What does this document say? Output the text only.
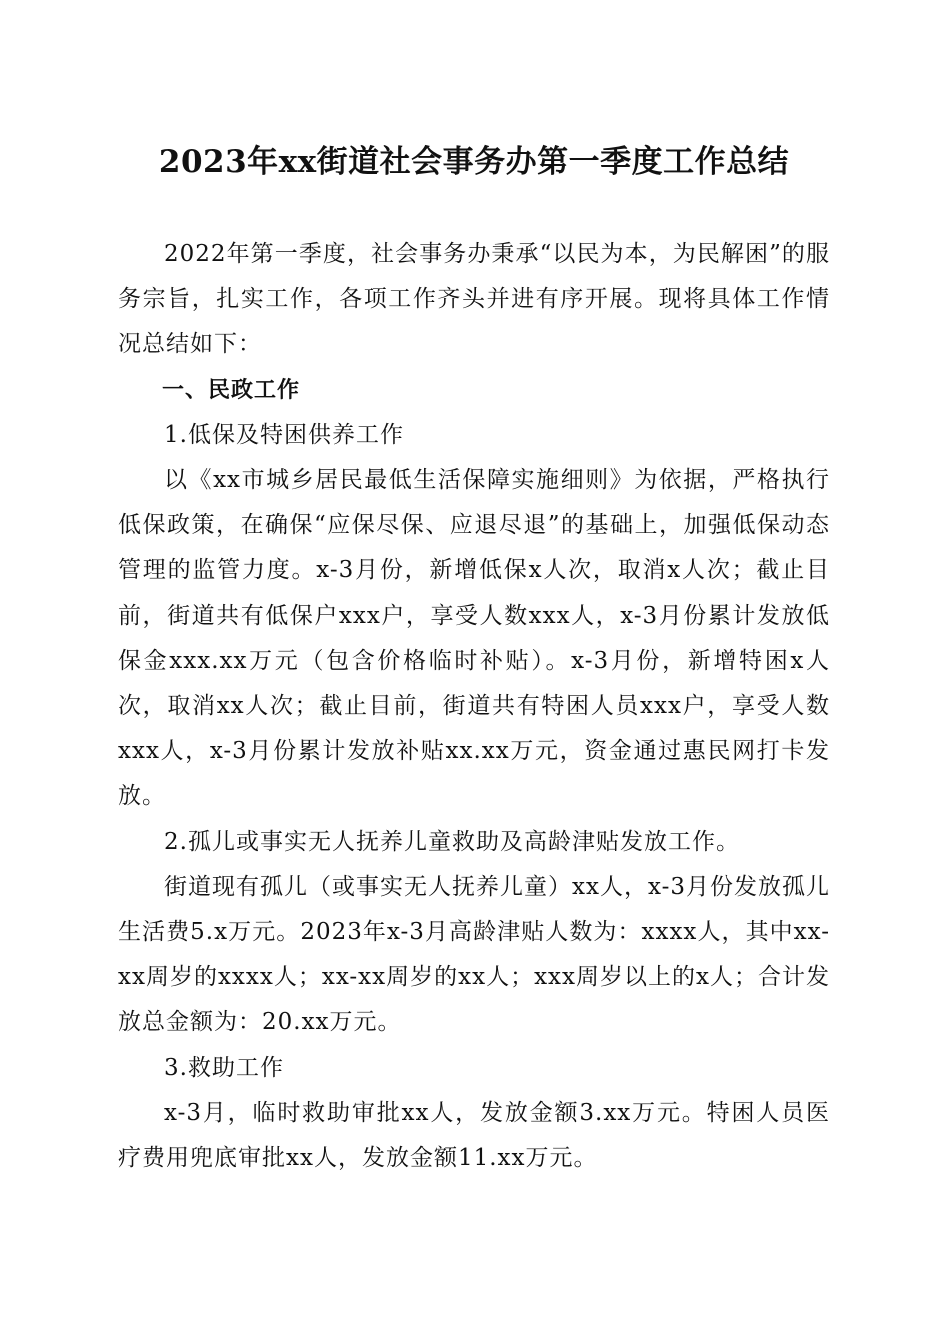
2023年xx街道社会事务办第一季度工作总结

2022年第一季度，社会事务办秉承“以民为本，为民解困”的服务宗旨，扎实工作，各项工作齐头并进有序开展。现将具体工作情况总结如下：

一、民政工作

1.低保及特困供养工作

以《xx市城乡居民最低生活保障实施细则》为依据，严格执行低保政策，在确保“应保尽保、应退尽退”的基础上，加强低保动态管理的监管力度。x-3月份，新增低保x人次，取消x人次；截止目前，街道共有低保户xxx户，享受人数xxx人，x-3月份累计发放低保金xxx.xx万元（包含价格临时补贴）。x-3月份，新增特困x人次，取消xx人次；截止目前，街道共有特困人员xxx户，享受人数xxx人，x-3月份累计发放补贴xx.xx万元，资金通过惠民网打卡发放。

2.孤儿或事实无人抚养儿童救助及高龄津贴发放工作。

街道现有孤儿（或事实无人抚养儿童）xx人，x-3月份发放孤儿生活费5.x万元。2023年x-3月高龄津贴人数为：xxxx人，其中xx-xx周岁的xxxx人；xx-xx周岁的xx人；xxx周岁以上的x人；合计发放总金额为：20.xx万元。

3.救助工作

x-3月，临时救助审批xx人，发放金额3.xx万元。特困人员医疗费用兜底审批xx人，发放金额11.xx万元。
